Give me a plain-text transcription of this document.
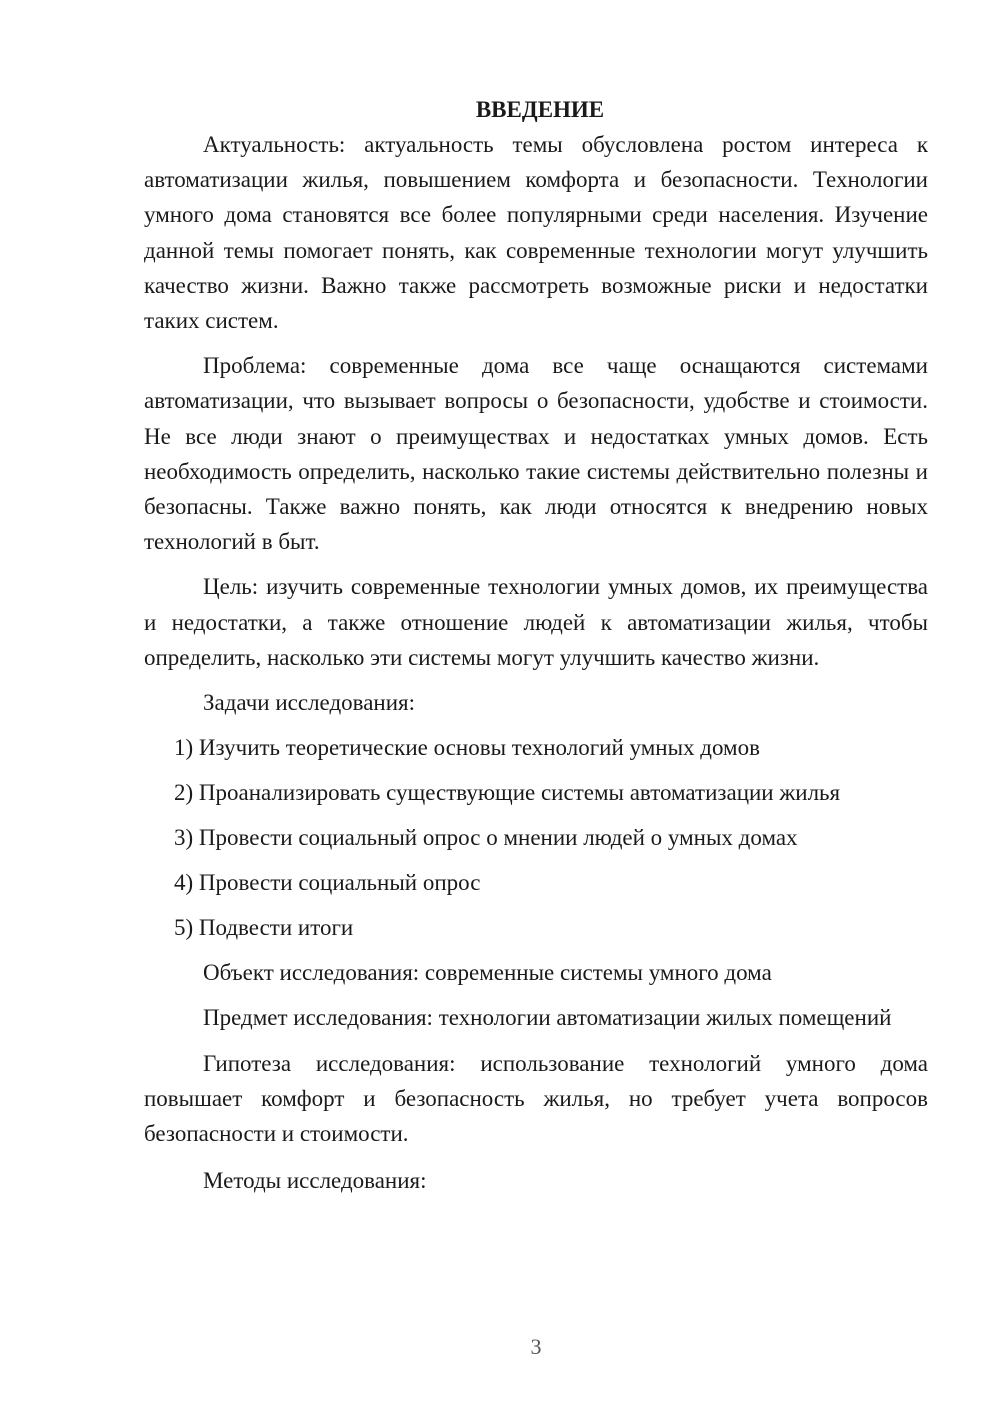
ВВЕДЕНИЕ

Актуальность: актуальность темы обусловлена ростом интереса к автоматизации жилья, повышением комфорта и безопасности. Технологии умного дома становятся все более популярными среди населения. Изучение данной темы помогает понять, как современные технологии могут улучшить качество жизни. Важно также рассмотреть возможные риски и недостатки таких систем.

Проблема: современные дома все чаще оснащаются системами автоматизации, что вызывает вопросы о безопасности, удобстве и стоимости. Не все люди знают о преимуществах и недостатках умных домов. Есть необходимость определить, насколько такие системы действительно полезны и безопасны. Также важно понять, как люди относятся к внедрению новых технологий в быт.

Цель: изучить современные технологии умных домов, их преимущества и недостатки, а также отношение людей к автоматизации жилья, чтобы определить, насколько эти системы могут улучшить качество жизни.

Задачи исследования:

1) Изучить теоретические основы технологий умных домов

2) Проанализировать существующие системы автоматизации жилья

3) Провести социальный опрос о мнении людей о умных домах

4) Провести социальный опрос

5) Подвести итоги

Объект исследования: современные системы умного дома

Предмет исследования: технологии автоматизации жилых помещений

Гипотеза исследования: использование технологий умного дома повышает комфорт и безопасность жилья, но требует учета вопросов безопасности и стоимости.

Методы исследования:

3
